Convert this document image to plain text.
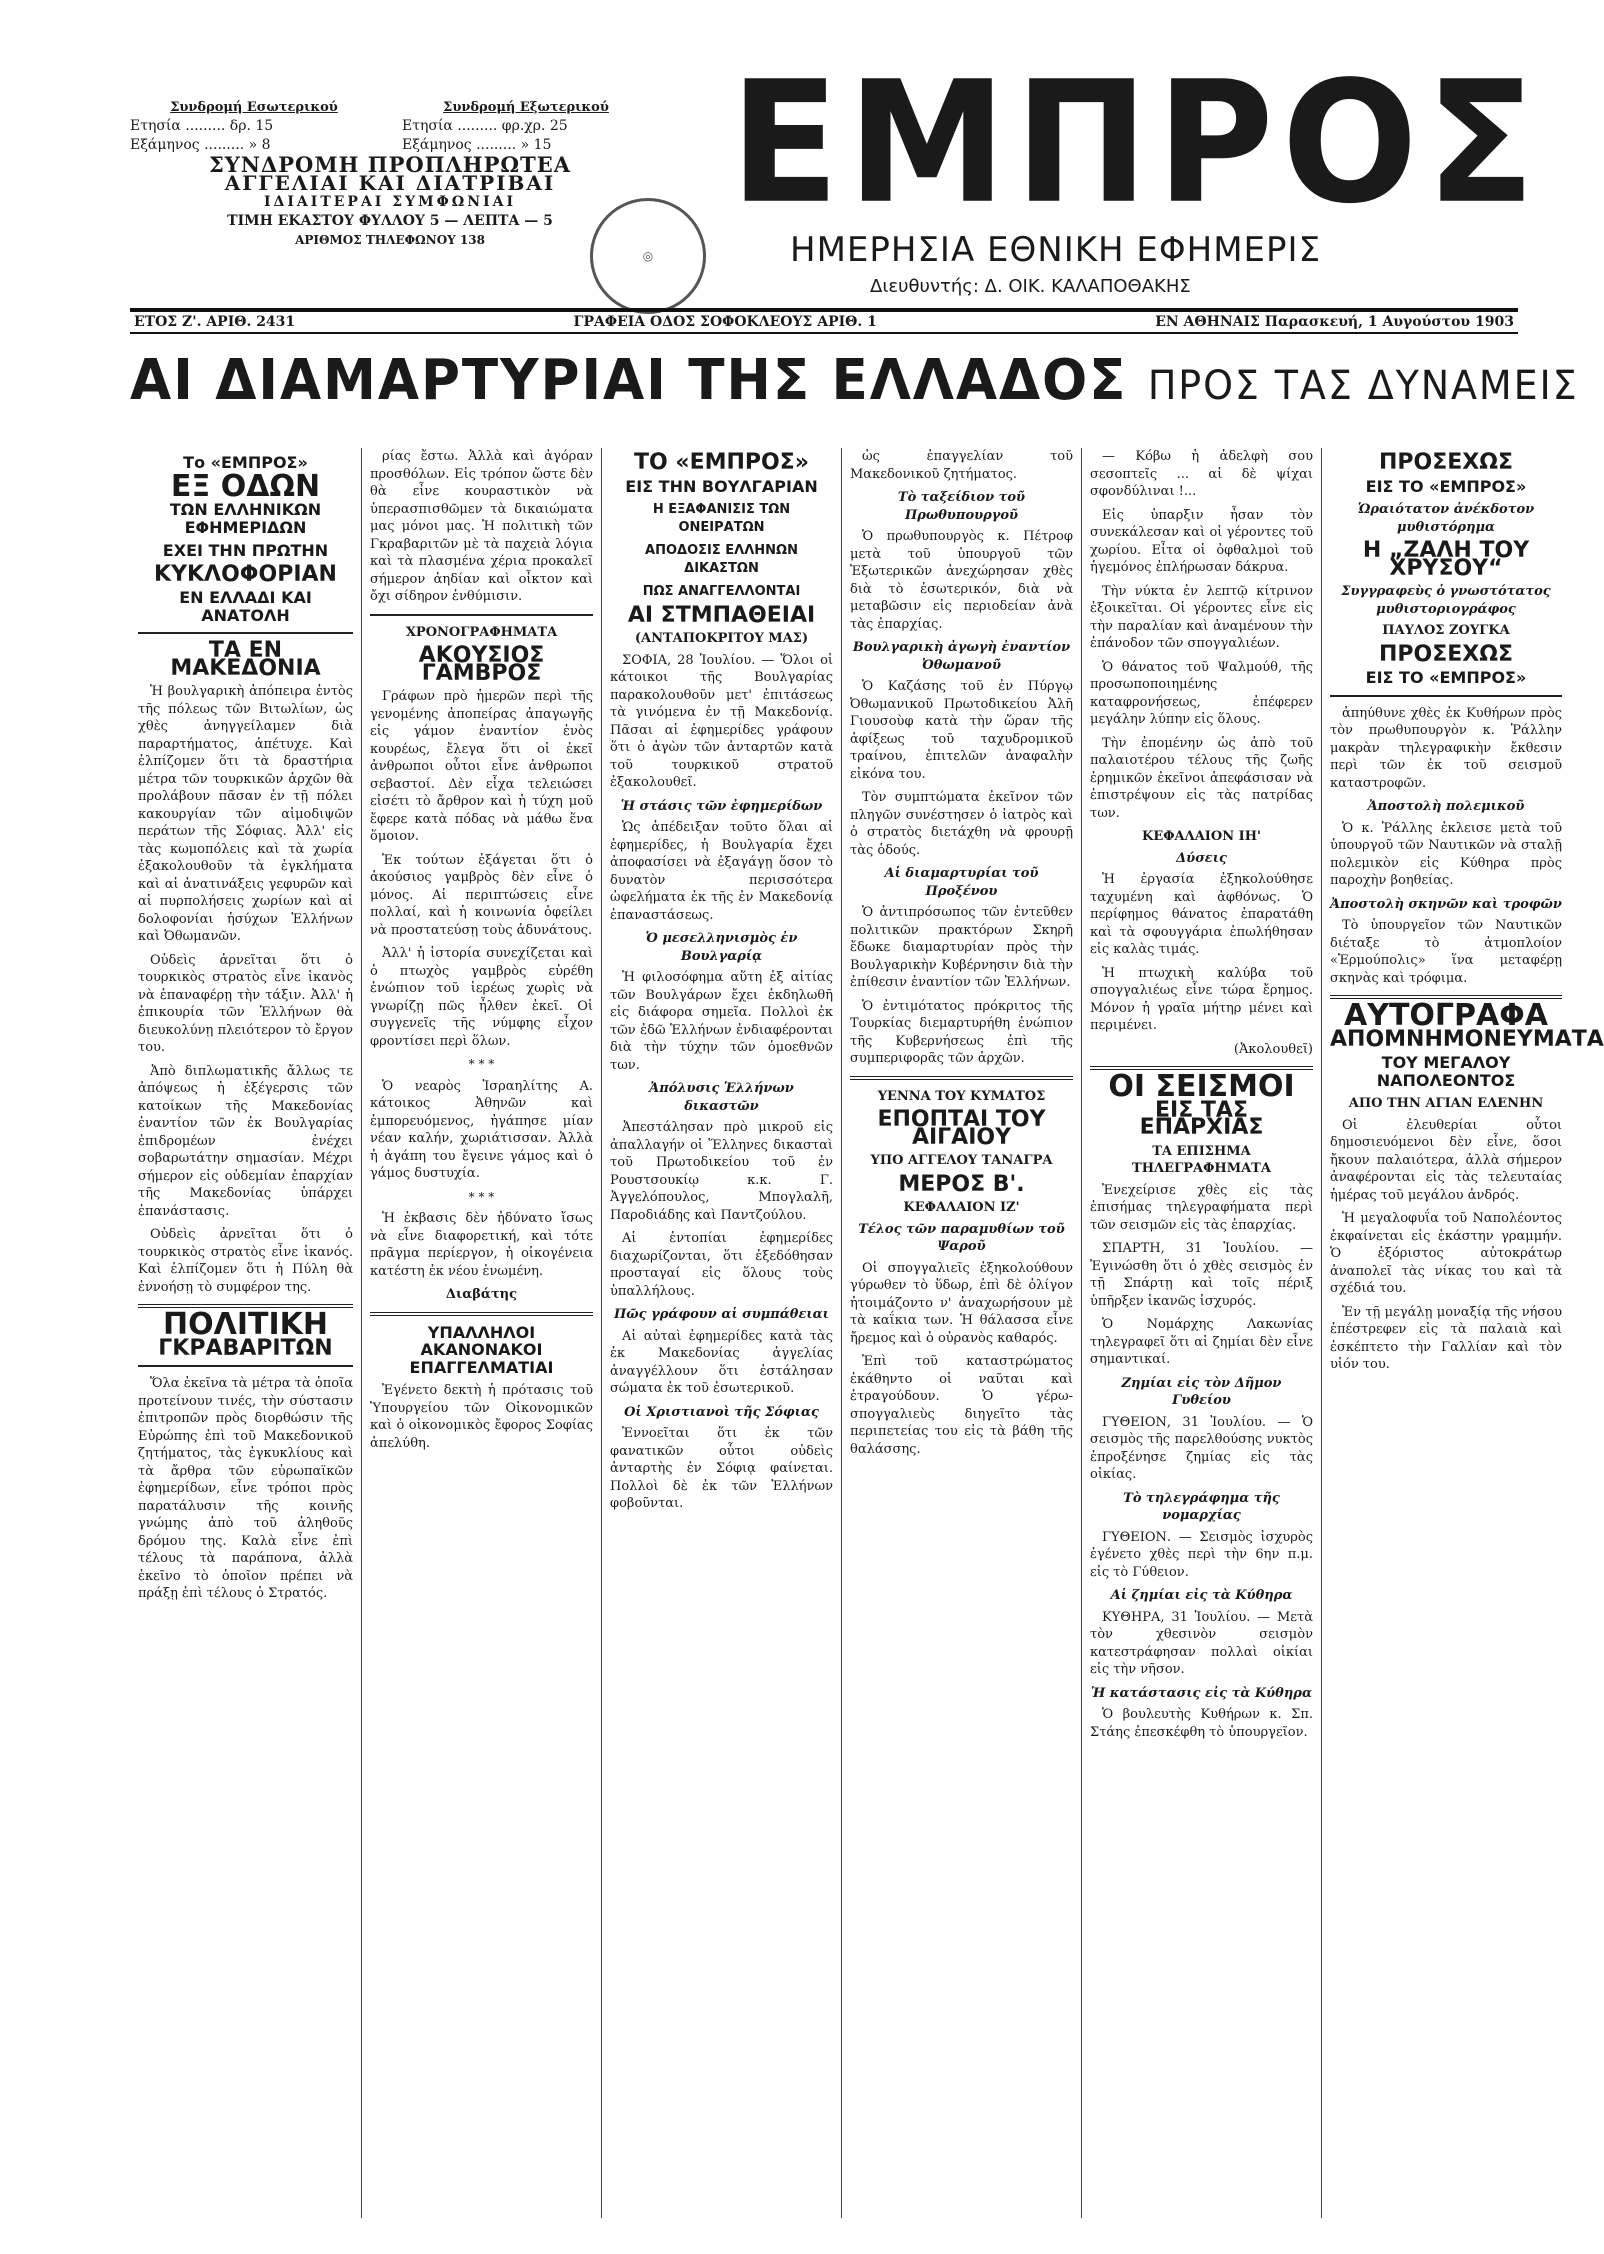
Συνδρομή Εσωτερικού
Ετησία ......... δρ. 15
Εξάμηνος ......... » 8
Συνδρομή Εξωτερικού
Ετησία ......... φρ.χρ. 25
Εξάμηνος ......... » 15
ΣΥΝΔΡΟΜΗ ΠΡΟΠΛΗΡΩΤΕΑ
ΑΓΓΕΛΙΑΙ ΚΑΙ ΔΙΑΤΡΙΒΑΙ
ΙΔΙΑΙΤΕΡΑΙ ΣΥΜΦΩΝΙΑΙ
ΤΙΜΗ ΕΚΑΣΤΟΥ ΦΥΛΛΟΥ 5 — ΛΕΠΤΑ — 5
ΑΡΙΘΜΟΣ ΤΗΛΕΦΩΝΟΥ 138
◎
ΕΜΠΡΟΣ
ΗΜΕΡΗΣΙΑ ΕΘΝΙΚΗ ΕΦΗΜΕΡΙΣ
Διευθυντής: Δ. ΟΙΚ. ΚΑΛΑΠΟΘΑΚΗΣ
ΕΤΟΣ Ζ'. ΑΡΙΘ. 2431	ΓΡΑΦΕΙΑ ΟΔΟΣ ΣΟΦΟΚΛΕΟΥΣ ΑΡΙΘ. 1	ΕΝ ΑΘΗΝΑΙΣ Παρασκευή, 1 Αυγούστου 1903
ΑΙ ΔΙΑΜΑΡΤΥΡΙΑΙ ΤΗΣ ΕΛΛΑΔΟΣ ΠΡΟΣ ΤΑΣ ΔΥΝΑΜΕΙΣ
Το «ΕΜΠΡΟΣ»
ΕΞ ΟΔΩΝ
ΤΩΝ ΕΛΛΗΝΙΚΩΝ ΕΦΗΜΕΡΙΔΩΝ
ΕΧΕΙ ΤΗΝ ΠΡΩΤΗΝ
ΚΥΚΛΟΦΟΡΙΑΝ
ΕΝ ΕΛΛΑΔΙ ΚΑΙ ΑΝΑΤΟΛΗ
ΤΑ ΕΝ ΜΑΚΕΔΟΝΙΑ

Ἡ βουλγαρικὴ ἀπόπειρα ἐντὸς τῆς πόλεως τῶν Βιτωλίων, ὡς χθὲς ἀνηγγείλαμεν διὰ παραρτήματος, ἀπέτυχε. Καὶ ἐλπίζομεν ὅτι τὰ δραστήρια μέτρα τῶν τουρκικῶν ἀρχῶν θὰ προλάβουν πᾶσαν ἐν τῇ πόλει κακουργίαν τῶν αἱμοδιψῶν περάτων τῆς Σόφιας. Ἀλλ' εἰς τὰς κωμοπόλεις καὶ τὰ χωρία ἐξακολουθοῦν τὰ ἐγκλήματα καὶ αἱ ἀνατινάξεις γεφυρῶν καὶ αἱ πυρπολήσεις χωρίων καὶ αἱ δολοφονίαι ἡσύχων Ἑλλήνων καὶ Ὀθωμανῶν.

Οὐδεὶς ἀρνεῖται ὅτι ὁ τουρκικὸς στρατὸς εἶνε ἱκανὸς νὰ ἐπαναφέρῃ τὴν τάξιν. Ἀλλ' ἡ ἐπικουρία τῶν Ἑλλήνων θὰ διευκολύνῃ πλειότερον τὸ ἔργον του.

Ἀπὸ διπλωματικῆς ἄλλως τε ἀπόψεως ἡ ἐξέγερσις τῶν κατοίκων τῆς Μακεδονίας ἐναντίον τῶν ἐκ Βουλγαρίας ἐπιδρομέων ἐνέχει σοβαρωτάτην σημασίαν. Μέχρι σήμερον εἰς οὐδεμίαν ἐπαρχίαν τῆς Μακεδονίας ὑπάρχει ἐπανάστασις.

Οὐδεὶς ἀρνεῖται ὅτι ὁ τουρκικὸς στρατὸς εἶνε ἱκανός. Καὶ ἐλπίζομεν ὅτι ἡ Πύλη θὰ ἐννοήσῃ τὸ συμφέρον της.

ΠΟΛΙΤΙΚΗ
ΓΚΡΑΒΑΡΙΤΩΝ

Ὅλα ἐκεῖνα τὰ μέτρα τὰ ὁποῖα προτείνουν τινές, τὴν σύστασιν ἐπιτροπῶν πρὸς διορθώσιν τῆς Εὐρώπης ἐπὶ τοῦ Μακεδονικοῦ ζητήματος, τὰς ἐγκυκλίους καὶ τὰ ἄρθρα τῶν εὐρωπαϊκῶν ἐφημερίδων, εἶνε τρόποι πρὸς παρατάλυσιν τῆς κοινῆς γνώμης ἀπὸ τοῦ ἀληθοῦς δρόμου της. Καλὰ εἶνε ἐπὶ τέλους τὰ παράπονα, ἀλλὰ ἐκεῖνο τὸ ὁποῖον πρέπει νὰ πράξῃ ἐπὶ τέλους ὁ Στρατός.

ρίας ἔστω. Ἀλλὰ καὶ ἀγόραν προσθόλων. Εἰς τρόπον ὥστε δὲν θὰ εἶνε κουραστικὸν νὰ ὑπερασπισθῶμεν τὰ δικαιώματα μας μόνοι μας. Ἡ πολιτικὴ τῶν Γκραβαριτῶν μὲ τὰ παχειὰ λόγια καὶ τὰ πλασμένα χέρια προκαλεῖ σήμερον ἀηδίαν καὶ οἶκτον καὶ ὄχι σίδηρον ἐνθύμισιν.

ΧΡΟΝΟΓΡΑΦΗΜΑΤΑ
ΑΚΟΥΣΙΟΣ ΓΑΜΒΡΟΣ

Γράφων πρὸ ἡμερῶν περὶ τῆς γενομένης ἀποπείρας ἀπαγωγῆς εἰς γάμον ἐναντίον ἑνὸς κουρέως, ἔλεγα ὅτι οἱ ἐκεῖ ἀνθρωποι οὗτοι εἶνε ἀνθρωποι σεβαστοί. Δὲν εἶχα τελειώσει εἰσέτι τὸ ἄρθρον καὶ ἡ τύχη μοῦ ἔφερε κατὰ πόδας νὰ μάθω ἕνα ὅμοιον.

Ἐκ τούτων ἐξάγεται ὅτι ὁ ἀκούσιος γαμβρὸς δὲν εἶνε ὁ μόνος. Αἱ περιπτώσεις εἶνε πολλαί, καὶ ἡ κοινωνία ὀφείλει νὰ προστατεύσῃ τοὺς ἀδυνάτους.

Ἀλλ' ἡ ἱστορία συνεχίζεται καὶ ὁ πτωχὸς γαμβρὸς εὑρέθη ἐνώπιον τοῦ ἱερέως χωρὶς νὰ γνωρίζῃ πῶς ἦλθεν ἐκεῖ. Οἱ συγγενεῖς τῆς νύμφης εἶχον φροντίσει περὶ ὅλων.

* * *

Ὁ νεαρὸς Ἰσραηλίτης Α. κάτοικος Ἀθηνῶν καὶ ἐμπορευόμενος, ἠγάπησε μίαν νέαν καλήν, χωριάτισσαν. Ἀλλὰ ἡ ἀγάπη του ἔγεινε γάμος καὶ ὁ γάμος δυστυχία.

* * *

Ἡ ἐκβασις δὲν ἠδύνατο ἴσως νὰ εἶνε διαφορετική, καὶ τότε πρᾶγμα περίεργον, ἡ οἰκογένεια κατέστη ἐκ νέου ἑνωμένη.

Διαβάτης
ΥΠΑΛΛΗΛΟΙ ΑΚΑΝΟΝΑΚΟΙ ΕΠΑΓΓΕΛΜΑΤΙΑΙ

Ἐγένετο δεκτὴ ἡ πρότασις τοῦ Ὑπουργείου τῶν Οἰκονομικῶν καὶ ὁ οἰκονομικὸς ἔφορος Σοφίας ἀπελύθη.

ΤΟ «ΕΜΠΡΟΣ»
ΕΙΣ ΤΗΝ ΒΟΥΛΓΑΡΙΑΝ
Η ΕΞΑΦΑΝΙΣΙΣ ΤΩΝ ΟΝΕΙΡΑΤΩΝ
ΑΠΟΔΟΣΙΣ ΕΛΛΗΝΩΝ ΔΙΚΑΣΤΩΝ
ΠΩΣ ΑΝΑΓΓΕΛΛΟΝΤΑΙ
ΑΙ ΣΤΜΠΑΘΕΙΑΙ
(ΑΝΤΑΠΟΚΡΙΤΟΥ ΜΑΣ)

ΣΟΦΙΑ, 28 Ἰουλίου. — Ὅλοι οἱ κάτοικοι τῆς Βουλγαρίας παρακολουθοῦν μετ' ἐπιτάσεως τὰ γινόμενα ἐν τῇ Μακεδονίᾳ. Πᾶσαι αἱ ἐφημερίδες γράφουν ὅτι ὁ ἀγὼν τῶν ἀνταρτῶν κατὰ τοῦ τουρκικοῦ στρατοῦ ἐξακολουθεῖ.

Ἡ στάσις τῶν ἐφημερίδων

Ὡς ἀπέδειξαν τοῦτο ὅλαι αἱ ἐφημερίδες, ἡ Βουλγαρία ἔχει ἀποφασίσει νὰ ἐξαγάγῃ ὅσον τὸ δυνατὸν περισσότερα ὠφελήματα ἐκ τῆς ἐν Μακεδονίᾳ ἐπαναστάσεως.

Ὁ μεσελληνισμὸς ἐν Βουλγαρίᾳ

Ἡ φιλοσόφημα αὕτη ἐξ αἰτίας τῶν Βουλγάρων ἔχει ἐκδηλωθῆ εἰς διάφορα σημεῖα. Πολλοὶ ἐκ τῶν ἐδῶ Ἑλλήνων ἐνδιαφέρονται διὰ τὴν τύχην τῶν ὁμοεθνῶν των.

Ἀπόλυσις Ἑλλήνων δικαστῶν

Ἀπεστάλησαν πρὸ μικροῦ εἰς ἀπαλλαγήν οἱ Ἕλληνες δικασταὶ τοῦ Πρωτοδικείου τοῦ ἐν Ρουστσουκίῳ κ.κ. Γ. Ἀγγελόπουλος, Μπογλαλῆ, Παροδιάδης καὶ Παντζούλου.

Αἱ ἐντοπίαι ἐφημερίδες διαχωρίζονται, ὅτι ἐξεδόθησαν προσταγαί εἰς ὅλους τοὺς ὑπαλλήλους.

Πῶς γράφουν αἱ συμπάθειαι

Αἱ αὐταὶ ἐφημερίδες κατὰ τὰς ἐκ Μακεδονίας ἀγγελίας ἀναγγέλλουν ὅτι ἐστάλησαν σώματα ἐκ τοῦ ἐσωτερικοῦ.

Οἱ Χριστιανοὶ τῆς Σόφιας

Ἐννοεῖται ὅτι ἐκ τῶν φανατικῶν οὗτοι οὐδεὶς ἀνταρτὴς ἐν Σόφιᾳ φαίνεται. Πολλοὶ δὲ ἐκ τῶν Ἑλλήνων φοβοῦνται.

ὡς ἐπαγγελίαν τοῦ Μακεδονικοῦ ζητήματος.

Τὸ ταξείδιον τοῦ Πρωθυπουργοῦ

Ὁ πρωθυπουργὸς κ. Πέτροφ μετὰ τοῦ ὑπουργοῦ τῶν Ἐξωτερικῶν ἀνεχώρησαν χθὲς διὰ τὸ ἐσωτερικόν, διὰ νὰ μεταβῶσιν εἰς περιοδείαν ἀνὰ τὰς ἐπαρχίας.

Βουλγαρικὴ ἀγωγὴ ἐναντίον Ὀθωμανοῦ

Ὁ Καζάσης τοῦ ἐν Πύργῳ Ὀθωμανικοῦ Πρωτοδικείου Ἀλῆ Γιουσοὺφ κατὰ τὴν ὥραν τῆς ἀφίξεως τοῦ ταχυδρομικοῦ τραίνου, ἐπιτελῶν ἀναφαλὴν εἰκόνα του.

Τὸν συμπτώματα ἐκεῖνον τῶν πληγῶν συνέστησεν ὁ ἰατρὸς καὶ ὁ στρατὸς διετάχθη νὰ φρουρῇ τὰς ὁδούς.

Αἱ διαμαρτυρίαι τοῦ Προξένου

Ὁ ἀντιπρόσωπος τῶν ἐντεῦθεν πολιτικῶν πρακτόρων Σκηρῆ ἔδωκε διαμαρτυρίαν πρὸς τὴν Βουλγαρικὴν Κυβέρνησιν διὰ τὴν ἐπίθεσιν ἐναντίον τῶν Ἑλλήνων.

Ὁ ἐντιμότατος πρόκριτος τῆς Τουρκίας διεμαρτυρήθη ἐνώπιον τῆς Κυβερνήσεως ἐπὶ τῆς συμπεριφορᾶς τῶν ἀρχῶν.

ΥΕΝΝΑ ΤΟΥ ΚΥΜΑΤΟΣ
ΕΠΟΠΤΑΙ ΤΟΥ ΑΙΓΑΙΟΥ
ΥΠΟ ΑΓΓΕΛΟΥ ΤΑΝΑΓΡΑ
ΜΕΡΟΣ Β'.
ΚΕΦΑΛΑΙΟΝ ΙΖ'
Τέλος τῶν παραμυθίων τοῦ Ψαροῦ

Οἱ σπογγαλιεῖς ἐξηκολούθουν γύρωθεν τὸ ὕδωρ, ἐπὶ δὲ ὀλίγον ἠτοιμάζοντο ν' ἀναχωρήσουν μὲ τὰ καΐκια των. Ἡ θάλασσα εἶνε ἤρεμος καὶ ὁ οὐρανὸς καθαρός.

Ἐπὶ τοῦ καταστρώματος ἐκάθηντο οἱ ναῦται καὶ ἐτραγούδουν. Ὁ γέρω-σπογγαλιεὺς διηγεῖτο τὰς περιπετείας του εἰς τὰ βάθη τῆς θαλάσσης.

— Κόβω ἡ ἀδελφὴ σου σεσοπτεῖς ... αἱ δὲ ψίχαι σφονδύλιναι !...

Εἰς ὑπαρξιν ἦσαν τὸν συνεκάλεσαν καὶ οἱ γέροντες τοῦ χωρίου. Εἶτα οἱ ὀφθαλμοὶ τοῦ ἡγεμόνος ἐπλήρωσαν δάκρυα.

Τὴν νύκτα ἐν λεπτῷ κίτρινον ἐξοικεῖται. Οἱ γέροντες εἶνε εἰς τὴν παραλίαν καὶ ἀναμένουν τὴν ἐπάνοδον τῶν σπογγαλιέων.

Ὁ θάνατος τοῦ Ψαλμούθ, τῆς προσωποποιημένης καταφρονήσεως, ἐπέφερεν μεγάλην λύπην εἰς ὅλους.

Τὴν ἐπομένην ὡς ἀπὸ τοῦ παλαιοτέρου τέλους τῆς ζωῆς ἐρημικῶν ἐκεῖνοι ἀπεφάσισαν νὰ ἐπιστρέψουν εἰς τὰς πατρίδας των.

ΚΕΦΑΛΑΙΟΝ ΙΗ'
Δύσεις

Ἡ ἐργασία ἐξηκολούθησε ταχυμένη καὶ ἀφθόνως. Ὁ περίφημος θάνατος ἐπαρατάθη καὶ τὰ σφουγγάρια ἐπωλήθησαν εἰς καλὰς τιμάς.

Ἡ πτωχικὴ καλύβα τοῦ σπογγαλιέως εἶνε τώρα ἔρημος. Μόνον ἡ γραῖα μήτηρ μένει καὶ περιμένει.

(Ἀκολουθεῖ)
ΟΙ ΣΕΙΣΜΟΙ
ΕΙΣ ΤΑΣ ΕΠΑΡΧΙΑΣ
ΤΑ ΕΠΙΣΗΜΑ ΤΗΛΕΓΡΑΦΗΜΑΤΑ

Ἐνεχείρισε χθὲς εἰς τὰς ἐπισήμας τηλεγραφήματα περὶ τῶν σεισμῶν εἰς τὰς ἐπαρχίας.

ΣΠΑΡΤΗ, 31 Ἰουλίου. — Ἐγινώσθη ὅτι ὁ χθὲς σεισμὸς ἐν τῇ Σπάρτῃ καὶ τοῖς πέριξ ὑπῆρξεν ἱκανῶς ἰσχυρός.

Ὁ Νομάρχης Λακωνίας τηλεγραφεῖ ὅτι αἱ ζημίαι δὲν εἶνε σημαντικαί.

Ζημίαι εἰς τὸν Δῆμον Γυθείου

ΓΥΘΕΙΟΝ, 31 Ἰουλίου. — Ὁ σεισμὸς τῆς παρελθούσης νυκτὸς ἐπροξένησε ζημίας εἰς τὰς οἰκίας.

Τὸ τηλεγράφημα τῆς νομαρχίας

ΓΥΘΕΙΟΝ. — Σεισμὸς ἰσχυρὸς ἐγένετο χθὲς περὶ τὴν 6ην π.μ. εἰς τὸ Γύθειον.

Αἱ ζημίαι εἰς τὰ Κύθηρα

ΚΥΘΗΡΑ, 31 Ἰουλίου. — Μετὰ τὸν χθεσινὸν σεισμὸν κατεστράφησαν πολλαὶ οἰκίαι εἰς τὴν νῆσον.

Ἡ κατάστασις εἰς τὰ Κύθηρα

Ὁ βουλευτὴς Κυθήρων κ. Σπ. Στάης ἐπεσκέφθη τὸ ὑπουργεῖον.

ΠΡΟΣΕΧΩΣ
ΕΙΣ ΤΟ «ΕΜΠΡΟΣ»
Ὡραιότατον ἀνέκδοτον μυθιστόρημα
Η „ΖΑΛΗ ΤΟΥ ΧΡΥΣΟΥ“
Συγγραφεὺς ὁ γνωστότατος μυθιστοριογράφος
ΠΑΥΛΟΣ ΖΟΥΓΚΑ
ΠΡΟΣΕΧΩΣ
ΕΙΣ ΤΟ «ΕΜΠΡΟΣ»

ἀπηύθυνε χθὲς ἐκ Κυθήρων πρὸς τὸν πρωθυπουργὸν κ. Ῥάλλην μακρὰν τηλεγραφικὴν ἔκθεσιν περὶ τῶν ἐκ τοῦ σεισμοῦ καταστροφῶν.

Ἀποστολὴ πολεμικοῦ

Ὁ κ. Ῥάλλης ἐκλεισε μετὰ τοῦ ὑπουργοῦ τῶν Ναυτικῶν νὰ σταλῇ πολεμικὸν εἰς Κύθηρα πρὸς παροχὴν βοηθείας.

Ἀποστολὴ σκηνῶν καὶ τροφῶν

Τὸ ὑπουργεῖον τῶν Ναυτικῶν διέταξε τὸ ἀτμοπλοίον «Ἑρμούπολις» ἵνα μεταφέρῃ σκηνὰς καὶ τρόφιμα.

ΑΥΤΟΓΡΑΦΑ
ΑΠΟΜΝΗΜΟΝΕΥΜΑΤΑ
ΤΟΥ ΜΕΓΑΛΟΥ ΝΑΠΟΛΕΟΝΤΟΣ
ΑΠΟ ΤΗΝ ΑΓΙΑΝ ΕΛΕΝΗΝ

Οἱ ἐλευθερίαι οὗτοι δημοσιευόμενοι δὲν εἶνε, ὅσοι ἤκουν παλαιότερα, ἀλλὰ σήμερον ἀναφέρονται εἰς τὰς τελευταίας ἡμέρας τοῦ μεγάλου ἀνδρός.

Ἡ μεγαλοφυΐα τοῦ Ναπολέοντος ἐκφαίνεται εἰς ἑκάστην γραμμήν. Ὁ ἐξόριστος αὐτοκράτωρ ἀναπολεῖ τὰς νίκας του καὶ τὰ σχέδιά του.

Ἐν τῇ μεγάλῃ μοναξίᾳ τῆς νήσου ἐπέστρεφεν εἰς τὰ παλαιὰ καὶ ἐσκέπτετο τὴν Γαλλίαν καὶ τὸν υἱόν του.
